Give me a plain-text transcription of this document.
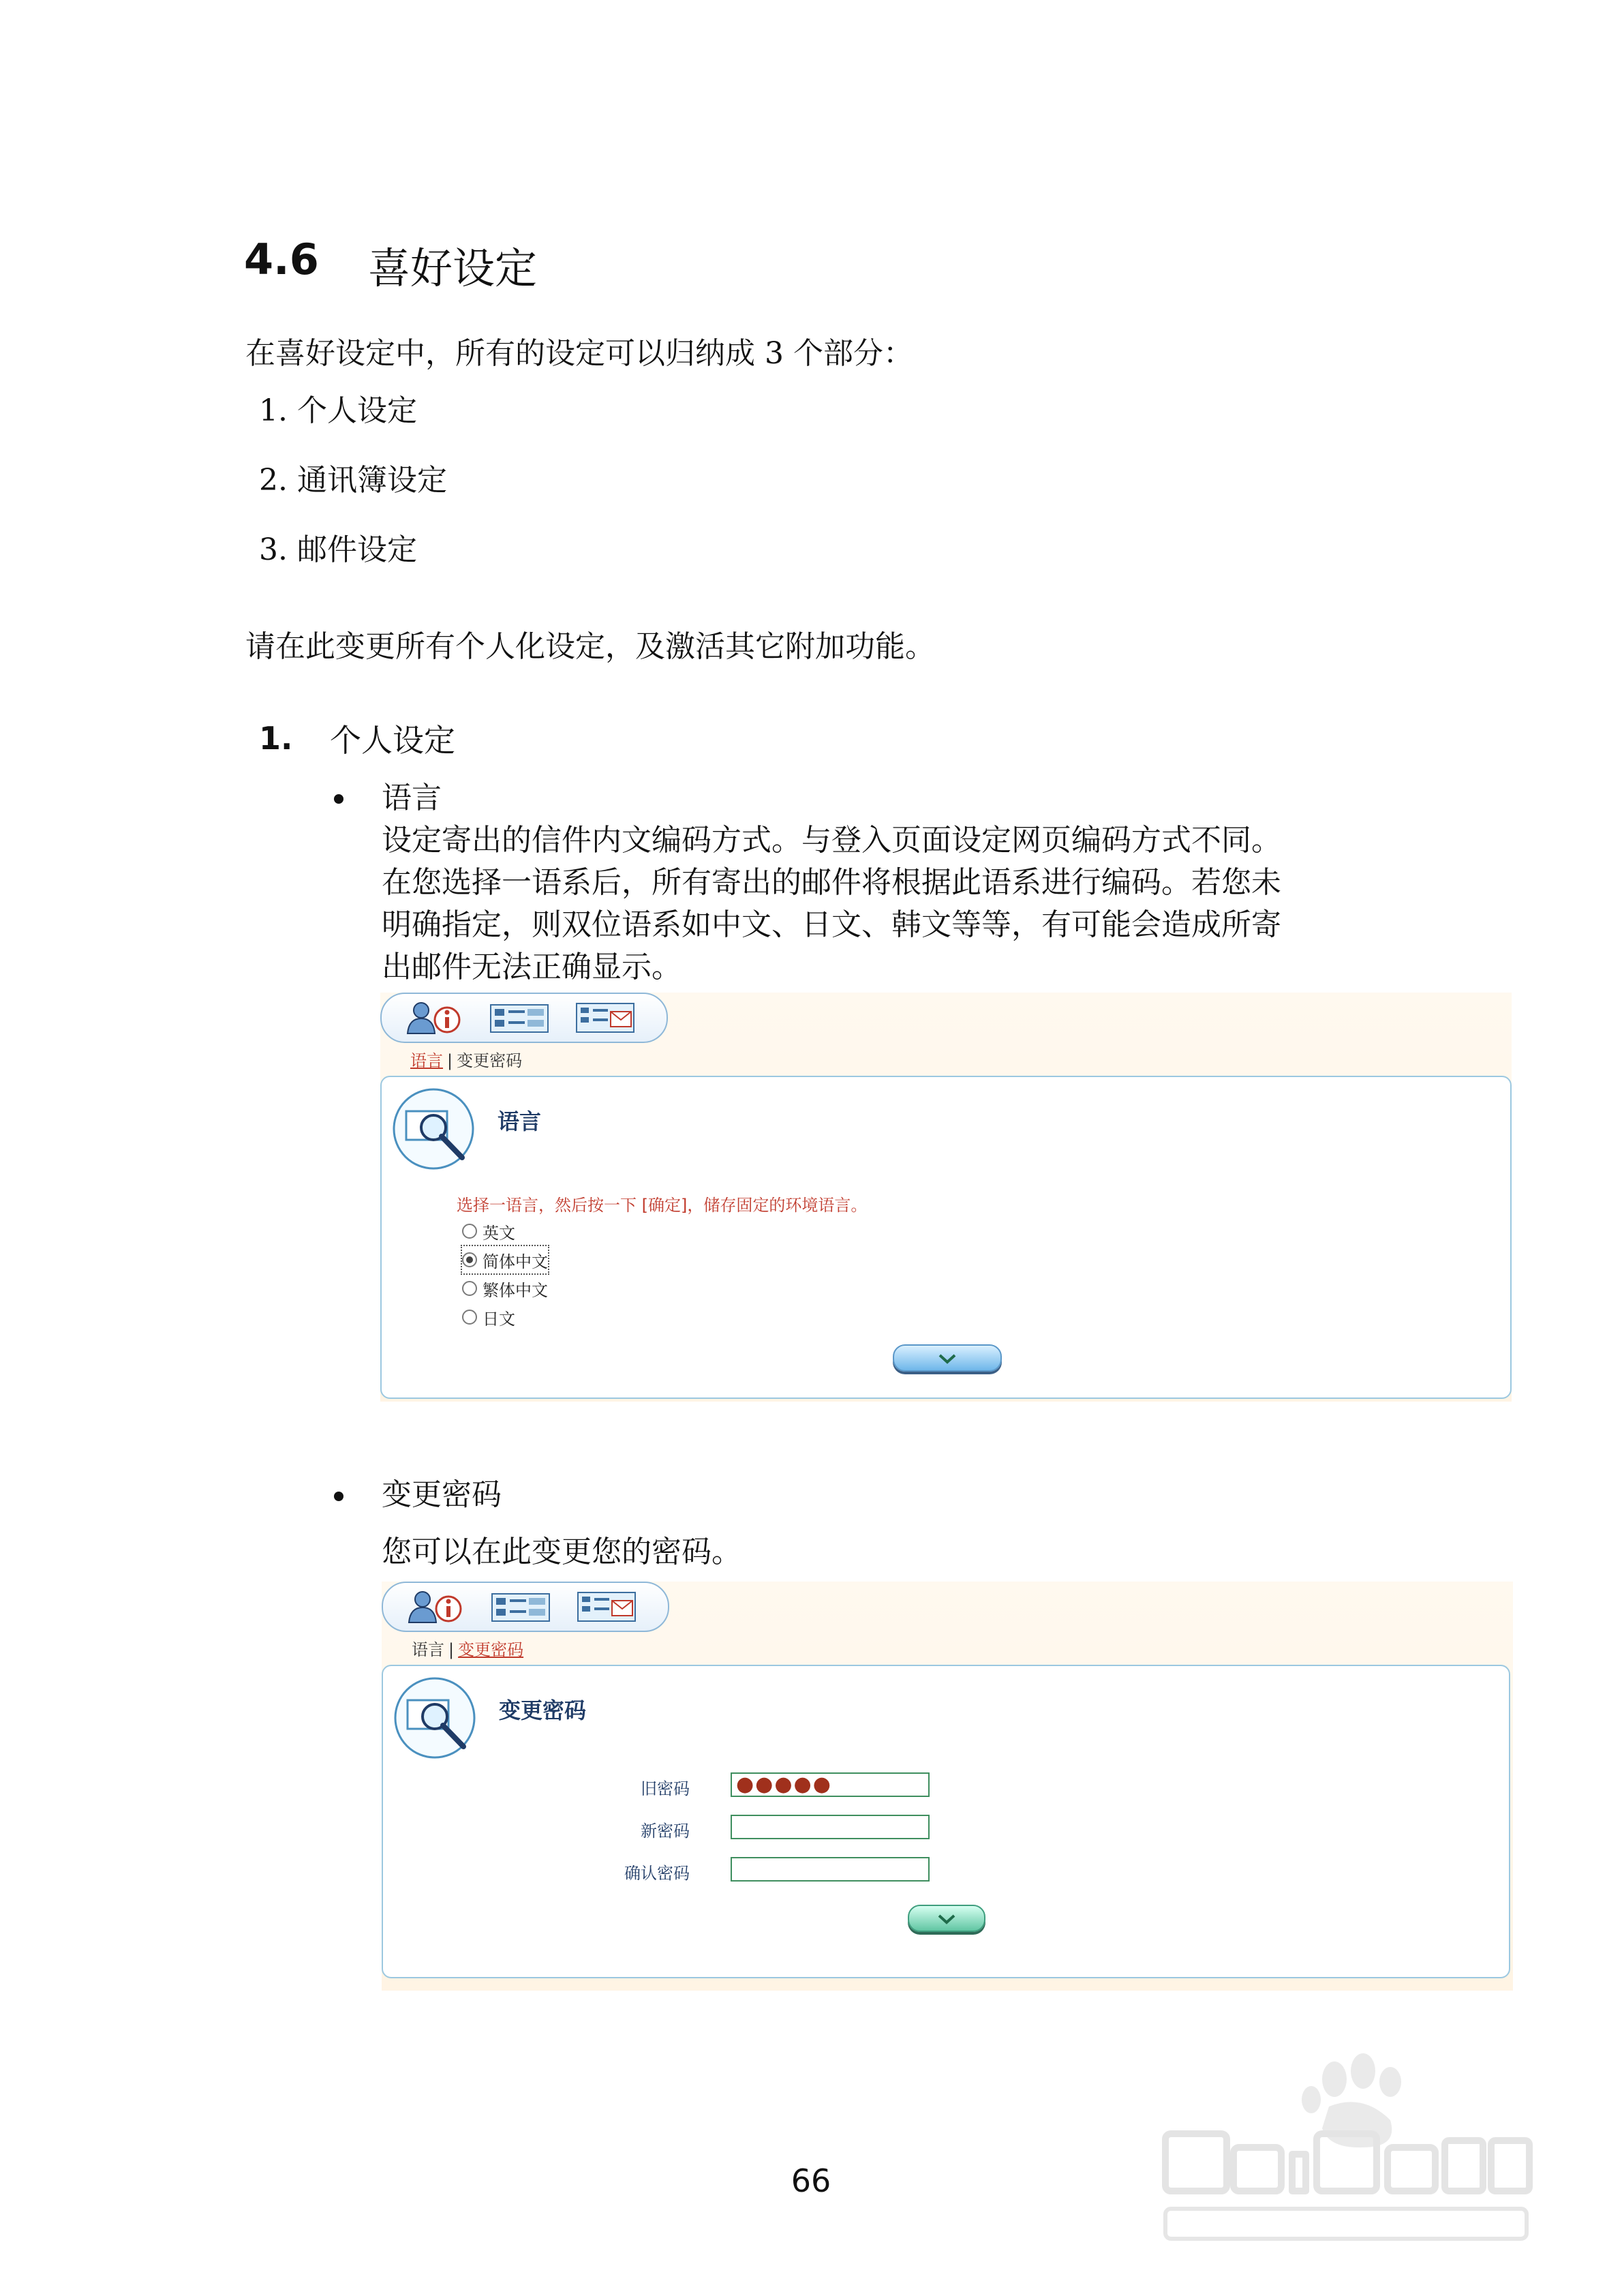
4.6 喜好设定
在喜好设定中，所有的设定可以归纳成 3 个部分：
1. 个人设定
2. 通讯簿设定
3. 邮件设定
请在此变更所有个人化设定，及激活其它附加功能。
1. 个人设定
语言
设定寄出的信件内文编码方式。与登入页面设定网页编码方式不同。
在您选择一语系后，所有寄出的邮件将根据此语系进行编码。若您未
明确指定，则双位语系如中文、日文、韩文等等，有可能会造成所寄
出邮件无法正确显示。
语言 | 变更密码
语言
选择一语言，然后按一下 [确定]，储存固定的环境语言。
英文
简体中文
繁体中文
日文
变更密码
您可以在此变更您的密码。
语言 | 变更密码
变更密码
旧密码 ●●●●●
新密码
确认密码
66
